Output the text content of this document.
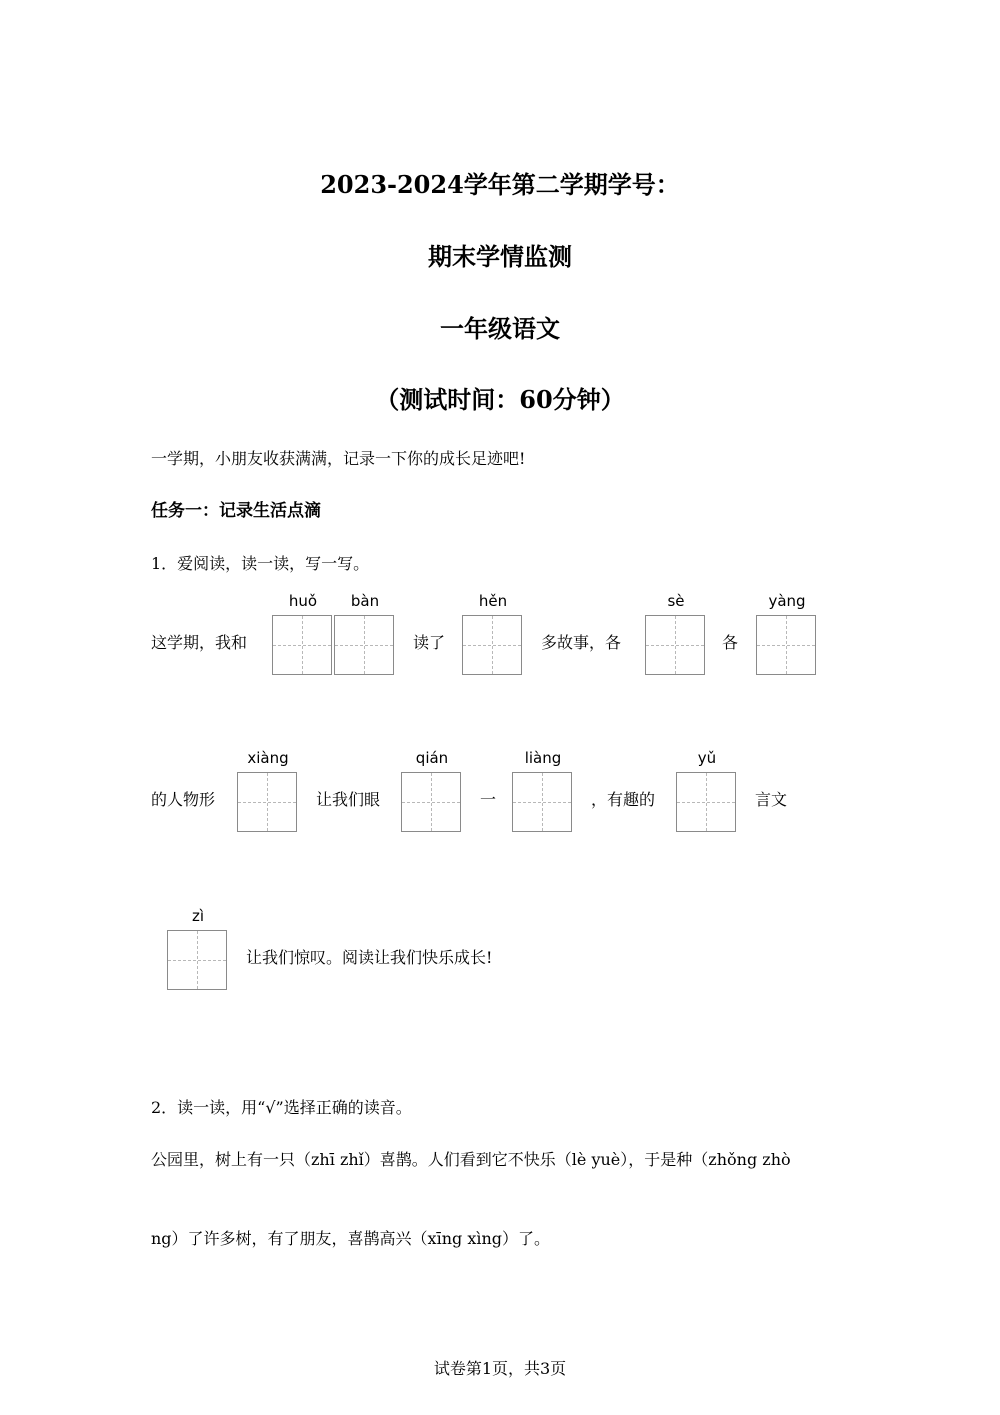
2023-2024学年第二学期学号：
期末学情监测
一年级语文
（测试时间：60分钟）
一学期，小朋友收获满满，记录一下你的成长足迹吧!
任务一：记录生活点滴
1．爱阅读，读一读，写一写。
这学期，我和
huǒ	bàn
读了
hěn
多故事，各
sè
各
yàng
的人物形
xiàng
让我们眼
qián
一
liàng
，有趣的
yǔ
言文
zì
让我们惊叹。阅读让我们快乐成长!
2．读一读，用“√”选择正确的读音。
公园里，树上有一只（zhī zhǐ）喜鹊。人们看到它不快乐（lè yuè），于是种（zhǒng zhò
ng）了许多树，有了朋友，喜鹊高兴（xīng xìng）了。
试卷第1页，共3页
